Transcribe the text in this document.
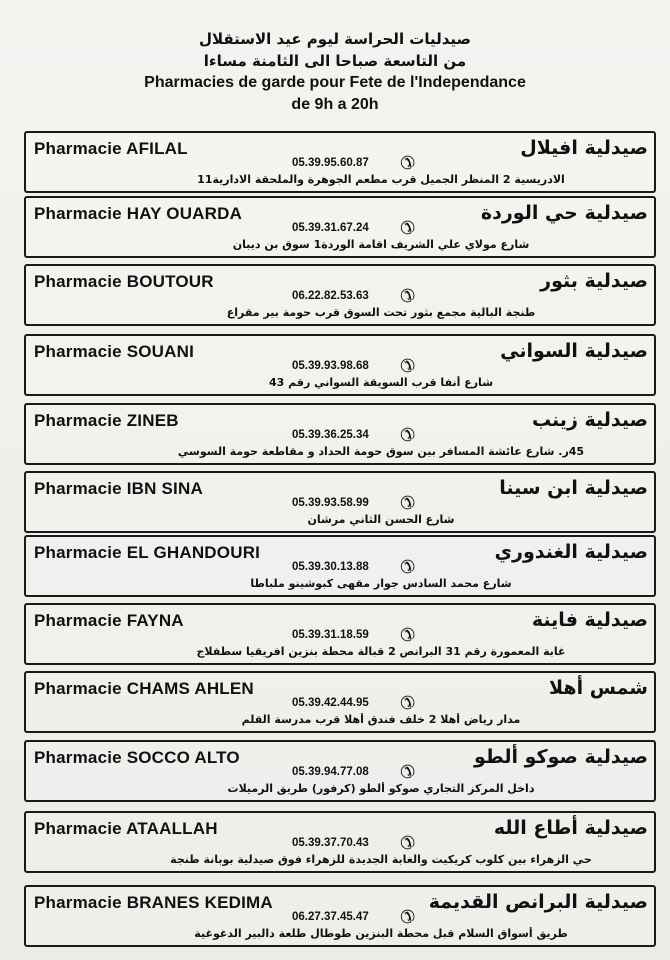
صيدليات الحراسة ليوم عيد الاستقلال
من التاسعة صباحا الى الثامنة مساءا
Pharmacies de garde pour Fete de l'Independance
de 9h a 20h
Pharmacie AFILAL	صيدلية افيلال
05.39.95.60.87 ✆
الادريسية 2 المنظر الجميل قرب مطعم الجوهرة والملحقة الادارية11
Pharmacie HAY OUARDA	صيدلية حي الوردة
05.39.31.67.24 ✆
شارع مولاي علي الشريف اقامة الوردة1 سوق بن ديبان
Pharmacie BOUTOUR	صيدلية بثور
06.22.82.53.63 ✆
طنجة البالية مجمع بثور تحت السوق قرب حومة بير مقراع
Pharmacie SOUANI	صيدلية السواني
05.39.93.98.68 ✆
شارع أنفا قرب السويقة السواني رقم 43
Pharmacie ZINEB	صيدلية زينب
05.39.36.25.34 ✆
45ر. شارع عائشة المسافر بين سوق حومة الحداد و مقاطعة حومة السوسي
Pharmacie IBN SINA	صيدلية ابن سينا
05.39.93.58.99 ✆
شارع الحسن الثاني مرشان
Pharmacie EL GHANDOURI	صيدلية الغندوري
05.39.30.13.88 ✆
شارع محمد السادس جوار مقهى كبوشينو ملباطا
Pharmacie FAYNA	صيدلية فاينة
05.39.31.18.59 ✆
غابة المعمورة رقم 31 البرانص 2 قبالة محطة بنزين افريقيا سطفلاج
Pharmacie CHAMS AHLEN	شمس أهلا
05.39.42.44.95 ✆
مدار رياض أهلا 2 خلف فندق أهلا قرب مدرسة القلم
Pharmacie SOCCO ALTO	صيدلية صوكو ألطو
05.39.94.77.08 ✆
داخل المركز التجاري صوكو ألطو (كرفور) طريق الرميلات
Pharmacie ATAALLAH	صيدلية أطاع الله
05.39.37.70.43 ✆
حي الزهراء بين كلوب كريكيت والغابة الجديدة للزهراء فوق صيدلية بوبانة طنجة
Pharmacie BRANES KEDIMA	صيدلية البرانص القديمة
06.27.37.45.47 ✆
طريق أسواق السلام قبل محطة البنزين طوطال طلعة دالبير الدغوغية
